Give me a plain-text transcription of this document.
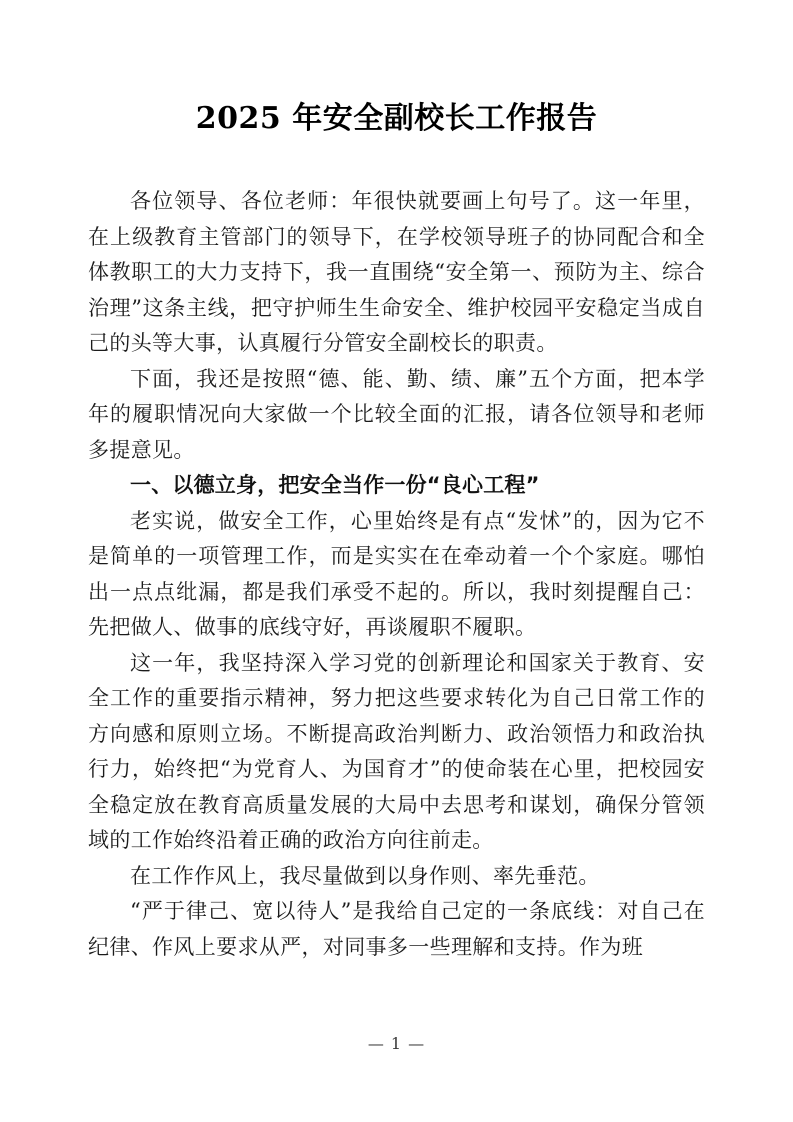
2025 年安全副校长工作报告

各位领导、各位老师：年很快就要画上句号了。这一年里，在上级教育主管部门的领导下，在学校领导班子的协同配合和全体教职工的大力支持下，我一直围绕“安全第一、预防为主、综合治理”这条主线，把守护师生生命安全、维护校园平安稳定当成自己的头等大事，认真履行分管安全副校长的职责。

下面，我还是按照“德、能、勤、绩、廉”五个方面，把本学年的履职情况向大家做一个比较全面的汇报，请各位领导和老师多提意见。

一、以德立身，把安全当作一份“良心工程”

老实说，做安全工作，心里始终是有点“发怵”的，因为它不是简单的一项管理工作，而是实实在在牵动着一个个家庭。哪怕出一点点纰漏，都是我们承受不起的。所以，我时刻提醒自己：先把做人、做事的底线守好，再谈履职不履职。

这一年，我坚持深入学习党的创新理论和国家关于教育、安全工作的重要指示精神，努力把这些要求转化为自己日常工作的方向感和原则立场。不断提高政治判断力、政治领悟力和政治执行力，始终把“为党育人、为国育才”的使命装在心里，把校园安全稳定放在教育高质量发展的大局中去思考和谋划，确保分管领域的工作始终沿着正确的政治方向往前走。

在工作作风上，我尽量做到以身作则、率先垂范。

“严于律己、宽以待人”是我给自己定的一条底线：对自己在纪律、作风上要求从严，对同事多一些理解和支持。作为班

— 1 —
